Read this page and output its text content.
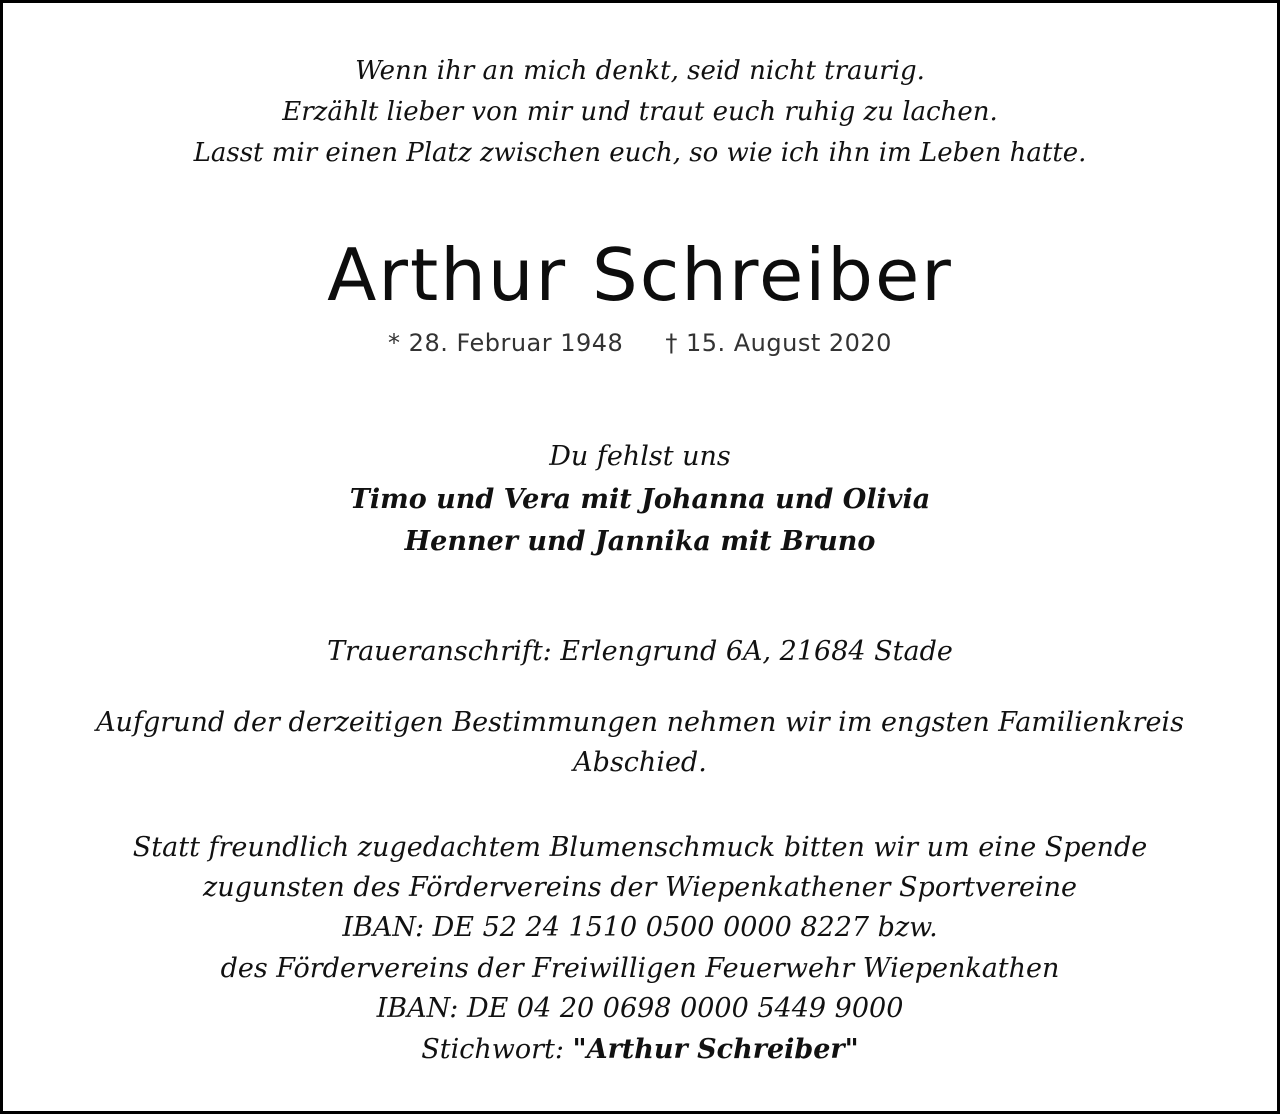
Wenn ihr an mich denkt, seid nicht traurig.
Erzählt lieber von mir und traut euch ruhig zu lachen.
Lasst mir einen Platz zwischen euch, so wie ich ihn im Leben hatte.
Arthur Schreiber
* 28. Februar 1948 † 15. August 2020
Du fehlst uns
Timo und Vera mit Johanna und Olivia
Henner und Jannika mit Bruno
Traueranschrift: Erlengrund 6A, 21684 Stade
Aufgrund der derzeitigen Bestimmungen nehmen wir im engsten Familienkreis
Abschied.
Statt freundlich zugedachtem Blumenschmuck bitten wir um eine Spende
zugunsten des Fördervereins der Wiepenkathener Sportvereine
IBAN: DE 52 24 1510 0500 0000 8227 bzw.
des Fördervereins der Freiwilligen Feuerwehr Wiepenkathen
IBAN: DE 04 20 0698 0000 5449 9000
Stichwort: "Arthur Schreiber"
